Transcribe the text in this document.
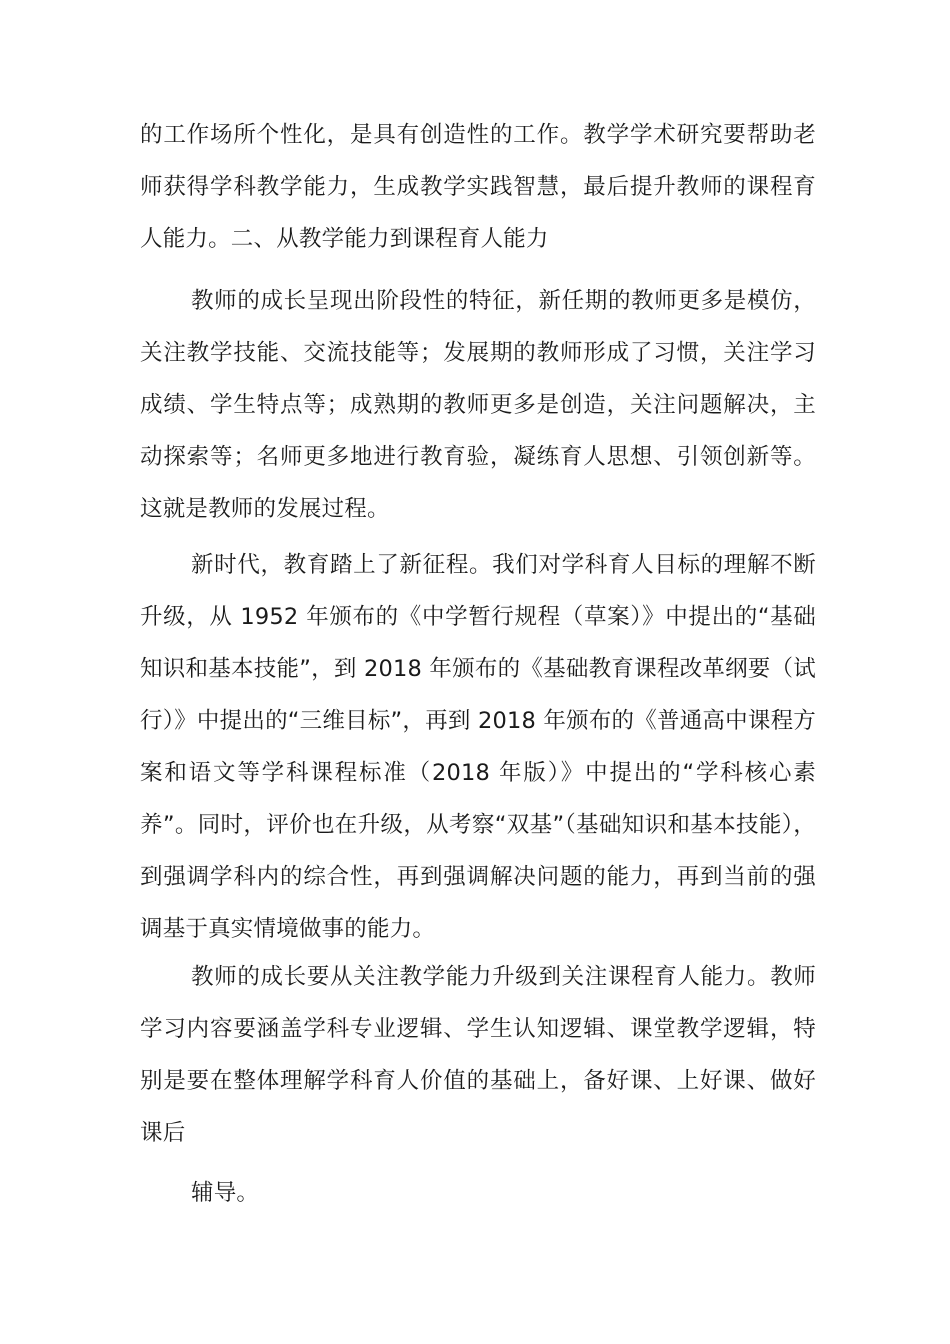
的工作场所个性化，是具有创造性的工作。教学学术研究要帮助老师获得学科教学能力，生成教学实践智慧，最后提升教师的课程育人能力。二、从教学能力到课程育人能力

教师的成长呈现出阶段性的特征，新任期的教师更多是模仿，关注教学技能、交流技能等；发展期的教师形成了习惯，关注学习成绩、学生特点等；成熟期的教师更多是创造，关注问题解决，主动探索等；名师更多地进行教育验，凝练育人思想、引领创新等。这就是教师的发展过程。

新时代，教育踏上了新征程。我们对学科育人目标的理解不断升级，从 1952 年颁布的《中学暂行规程（草案）》中提出的“基础知识和基本技能”，到 2018 年颁布的《基础教育课程改革纲要（试行）》中提出的“三维目标”，再到 2018 年颁布的《普通高中课程方案和语文等学科课程标准（2018 年版）》中提出的“学科核心素养”。同时，评价也在升级，从考察“双基”（基础知识和基本技能），到强调学科内的综合性，再到强调解决问题的能力，再到当前的强调基于真实情境做事的能力。

教师的成长要从关注教学能力升级到关注课程育人能力。教师学习内容要涵盖学科专业逻辑、学生认知逻辑、课堂教学逻辑，特别是要在整体理解学科育人价值的基础上，备好课、上好课、做好课后

辅导。
